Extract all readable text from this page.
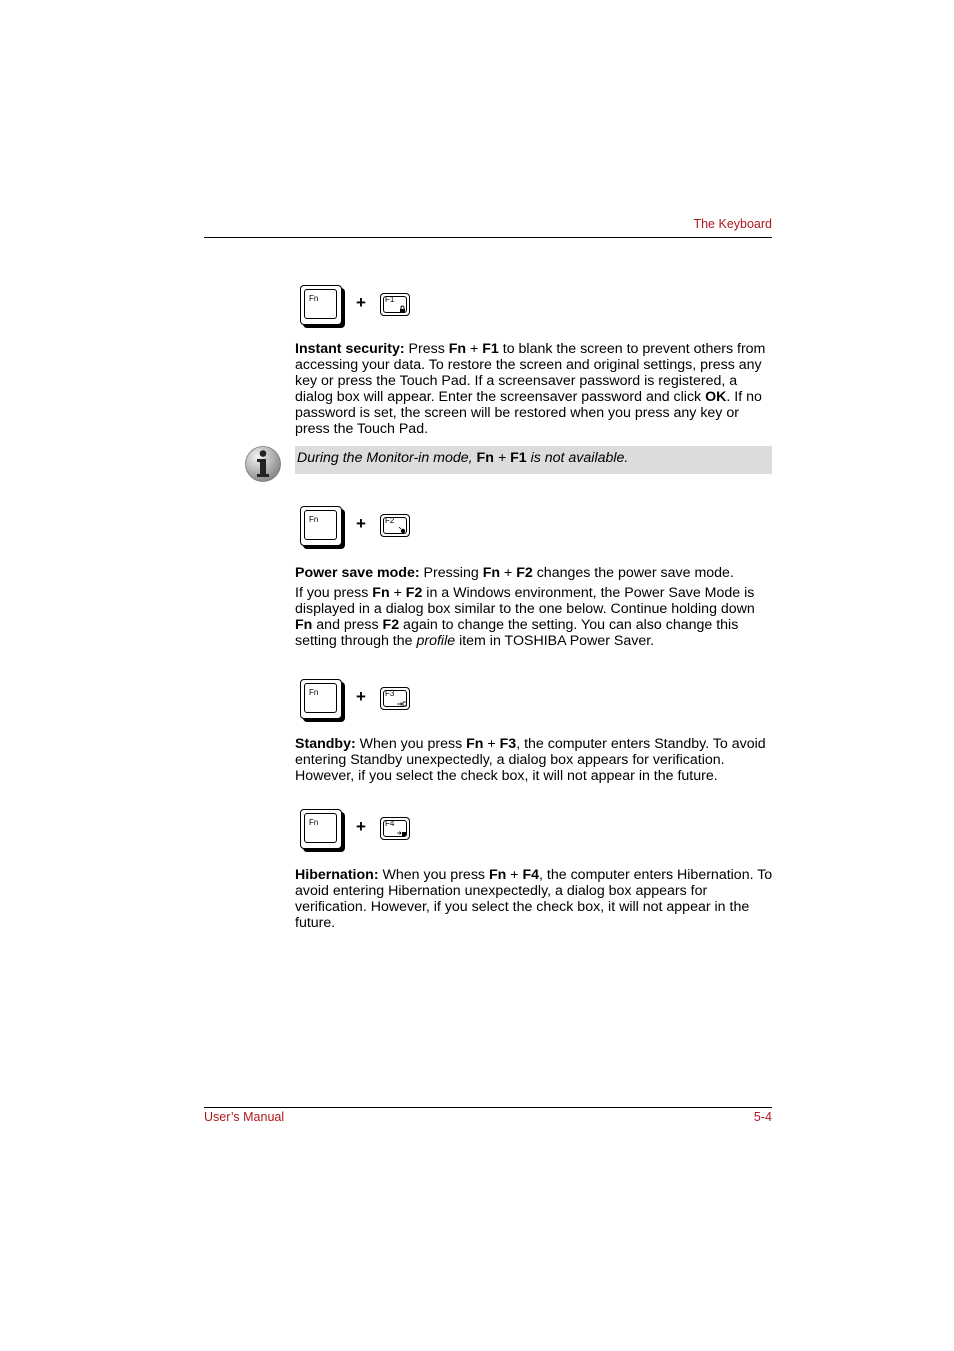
The Keyboard
Fn + F1
Instant security: Press Fn + F1 to blank the screen to prevent others from accessing your data. To restore the screen and original settings, press any key or press the Touch Pad. If a screensaver password is registered, a dialog box will appear. Enter the screensaver password and click OK. If no password is set, the screen will be restored when you press any key or press the Touch Pad.
During the Monitor-in mode, Fn + F1 is not available.
Fn + F2
Power save mode: Pressing Fn + F2 changes the power save mode.
If you press Fn + F2 in a Windows environment, the Power Save Mode is displayed in a dialog box similar to the one below. Continue holding down Fn and press F2 again to change the setting. You can also change this setting through the profile item in TOSHIBA Power Saver.
Fn + F3
Standby: When you press Fn + F3, the computer enters Standby. To avoid entering Standby unexpectedly, a dialog box appears for verification. However, if you select the check box, it will not appear in the future.
Fn + F4
Hibernation: When you press Fn + F4, the computer enters Hibernation. To avoid entering Hibernation unexpectedly, a dialog box appears for verification. However, if you select the check box, it will not appear in the future.
User’s Manual	5-4
